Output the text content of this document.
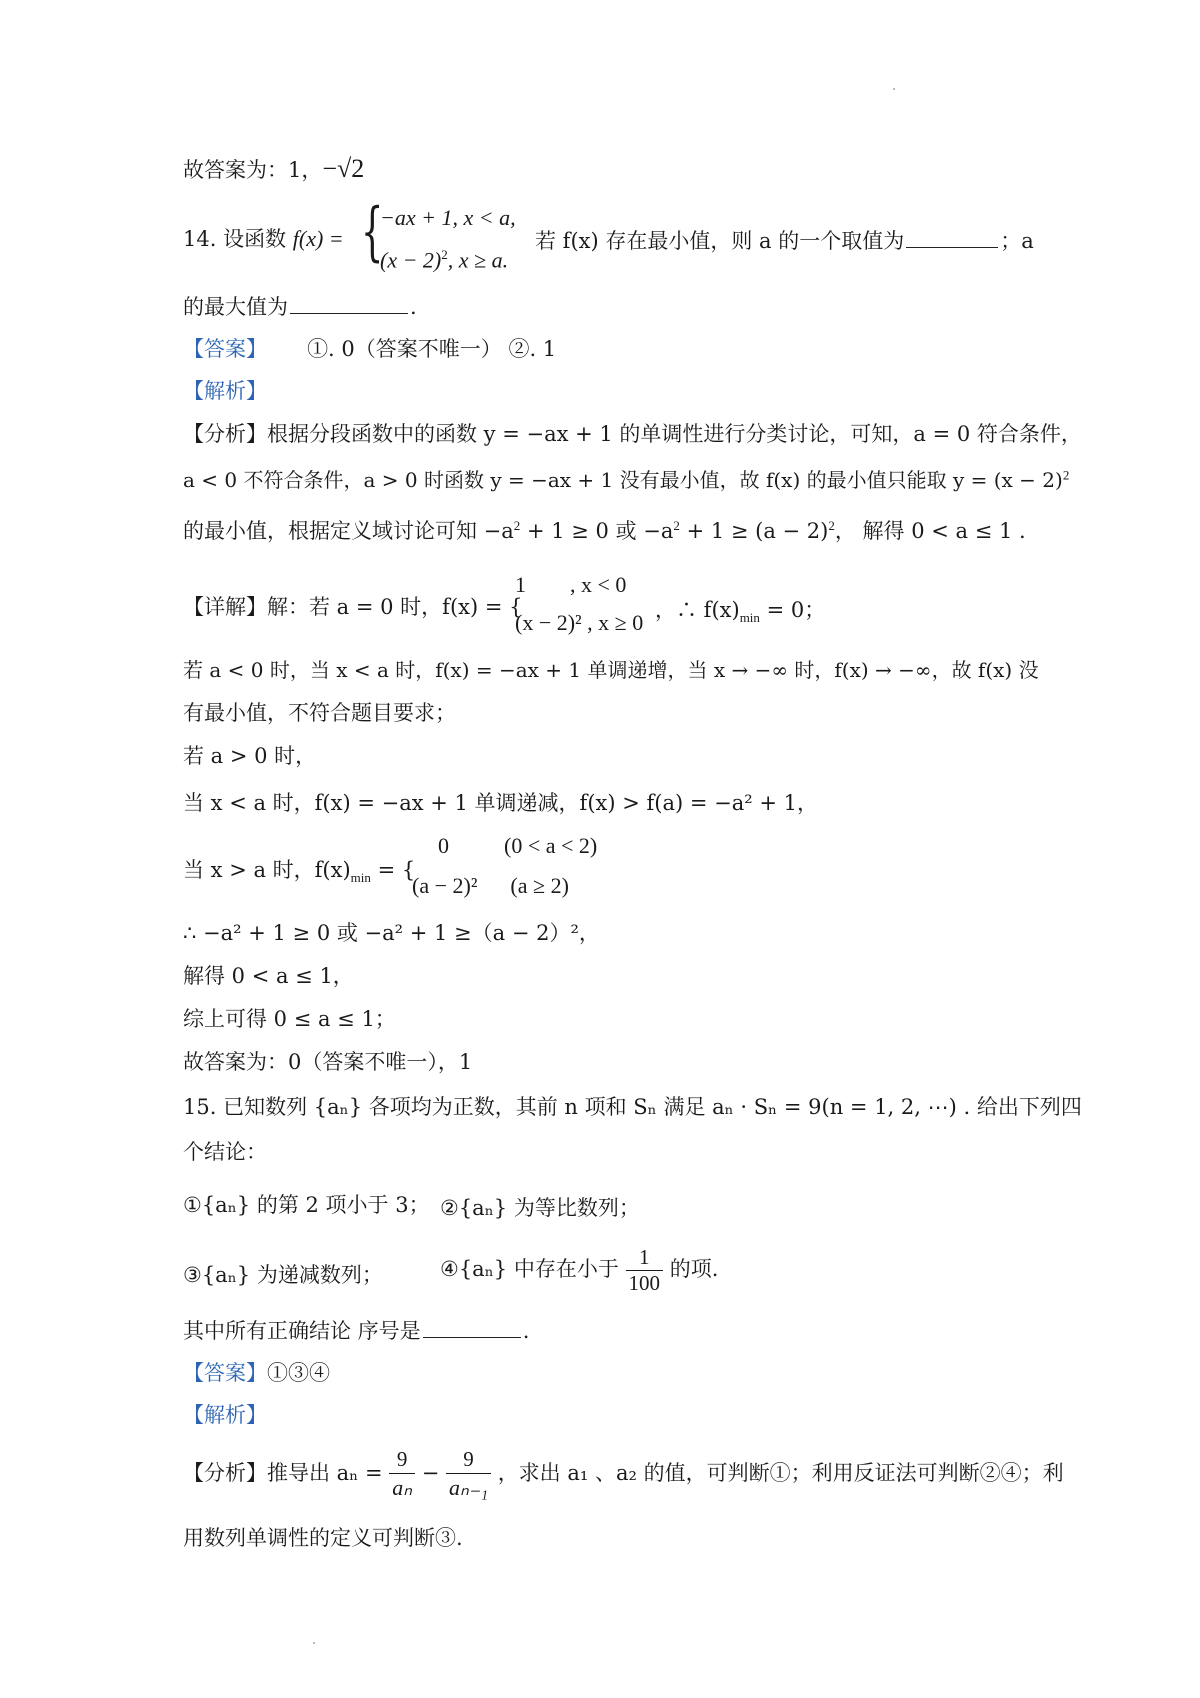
故答案为：1，−√2
14. 设函数 f(x) = {
−ax + 1, x < a,
$(x - 2)^2$, x ≥ a.
若 f(x) 存在最小值，则 a 的一个取值为	；a
的最大值为	.
【答案】 ①. 0（答案不唯一） ②. 1
【解析】
【分析】根据分段函数中的函数 y = −ax + 1 的单调性进行分类讨论，可知，a = 0 符合条件，
a < 0 不符合条件，a > 0 时函数 y = −ax + 1 没有最小值，故 f(x) 的最小值只能取 $y = (x - 2)^2$
的最小值，根据定义域讨论可知 $-a^2 + 1 \ge 0$ 或 $-a^2 + 1 \ge (a - 2)^2$， 解得 0 < a ≤ 1 .
【详解】解：若 a = 0 时，f(x) = {
1        , x < 0
(x − 2)² , x ≥ 0 ，∴ $f(x)_{min} = 0$；
若 a < 0 时，当 x < a 时，f(x) = −ax + 1 单调递增，当 x → −∞ 时，f(x) → −∞，故 f(x) 没
有最小值，不符合题目要求；
若 a > 0 时，
当 x < a 时，f(x) = −ax + 1 单调递减，f(x) > f(a) = −a² + 1，
当 x > a 时，$f(x)_{min}$ = {
0          (0 < a < 2)
(a − 2)²      (a ≥ 2)
∴ −a² + 1 ≥ 0 或 −a² + 1 ≥（a − 2）²，
解得 0 < a ≤ 1，
综上可得 0 ≤ a ≤ 1；
故答案为：0（答案不唯一），1
15. 已知数列 {aₙ} 各项均为正数，其前 n 项和 Sₙ 满足 aₙ · Sₙ = 9(n = 1, 2, ⋯) . 给出下列四
个结论：
①{aₙ} 的第 2 项小于 3； ②{aₙ} 为等比数列；
③{aₙ} 为递减数列；	④{aₙ} 中存在小于 $\frac{1}{100}$ 的项.
其中所有正确结论 序号是	.
【答案】①③④
【解析】
【分析】推导出 $a_n = \frac{9}{\text{aₙ}} - \frac{9}{\text{aₙ₋₁}}$ ，求出 a₁ 、a₂ 的值，可判断①；利用反证法可判断②④；利
用数列单调性的定义可判断③.
